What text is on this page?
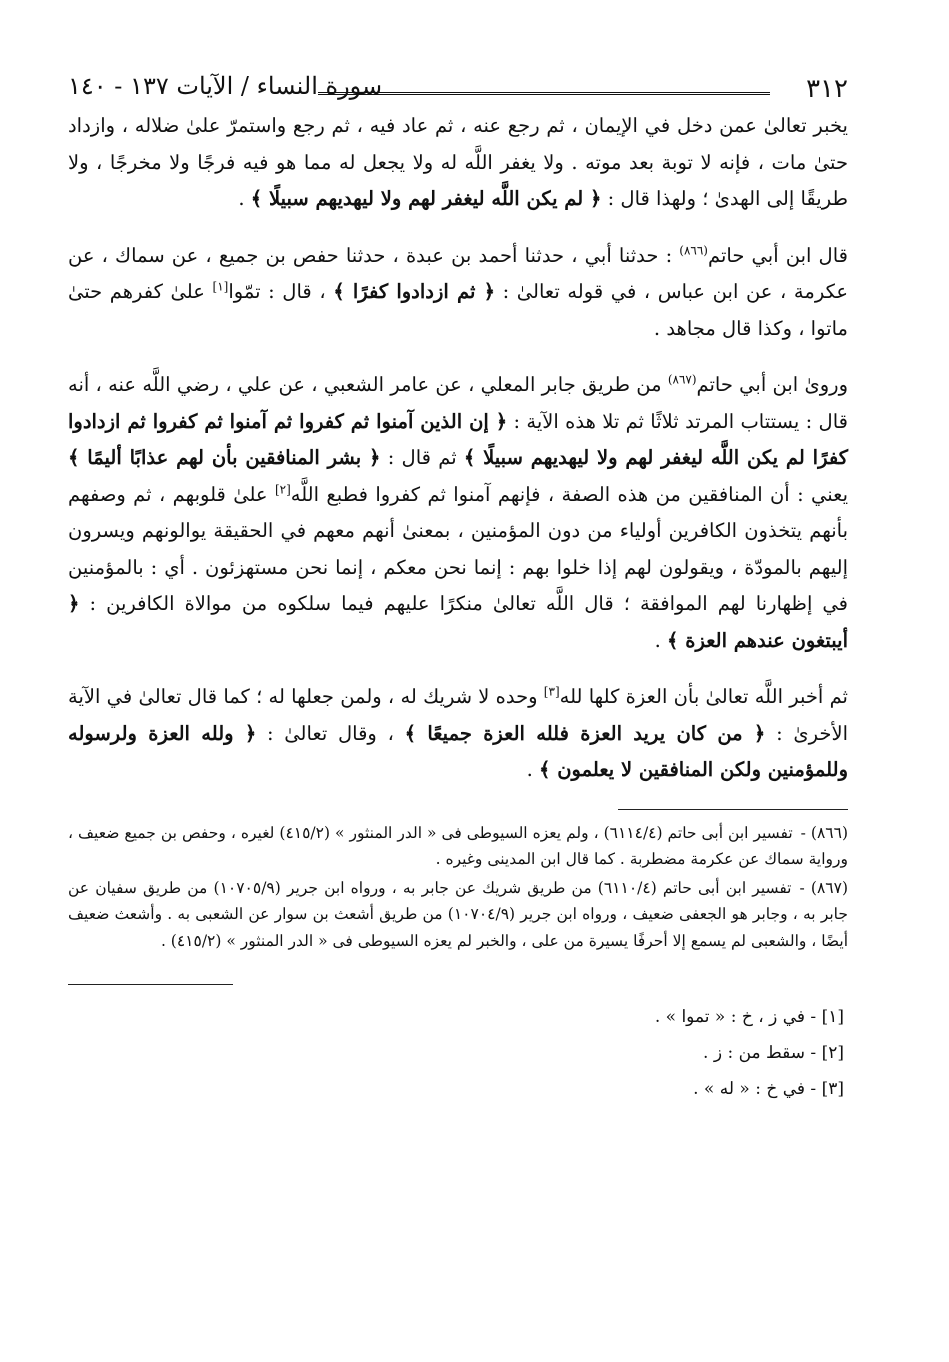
٣١٢
سورة النساء / الآيات ١٣٧ - ١٤٠

يخبر تعالىٰ عمن دخل في الإيمان ، ثم رجع عنه ، ثم عاد فيه ، ثم رجع واستمرّ علىٰ ضلاله ، وازداد حتىٰ مات ، فإنه لا توبة بعد موته . ولا يغفر اللَّه له ولا يجعل له مما هو فيه فرجًا ولا مخرجًا ، ولا طريقًا إلى الهدىٰ ؛ ولهذا قال : ﴿ لم يكن اللَّه ليغفر لهم ولا ليهديهم سبيلًا ﴾ .

قال ابن أبي حاتم$^{(٨٦٦)}$ : حدثنا أبي ، حدثنا أحمد بن عبدة ، حدثنا حفص بن جميع ، عن سماك ، عن عكرمة ، عن ابن عباس ، في قوله تعالىٰ : ﴿ ثم ازدادوا كفرًا ﴾ ، قال : تمّوا[١] علىٰ كفرهم حتىٰ ماتوا ، وكذا قال مجاهد .

وروىٰ ابن أبي حاتم$^{(٨٦٧)}$ من طريق جابر المعلي ، عن عامر الشعبي ، عن علي ، رضي اللَّه عنه ، أنه قال : يستتاب المرتد ثلاثًا ثم تلا هذه الآية : ﴿ إن الذين آمنوا ثم كفروا ثم آمنوا ثم كفروا ثم ازدادوا كفرًا لم يكن اللَّه ليغفر لهم ولا ليهديهم سبيلًا ﴾ ثم قال : ﴿ بشر المنافقين بأن لهم عذابًا أليمًا ﴾ يعني : أن المنافقين من هذه الصفة ، فإنهم آمنوا ثم كفروا فطبع اللَّه[٢] علىٰ قلوبهم ، ثم وصفهم بأنهم يتخذون الكافرين أولياء من دون المؤمنين ، بمعنىٰ أنهم معهم في الحقيقة يوالونهم ويسرون إليهم بالمودّة ، ويقولون لهم إذا خلوا بهم : إنما نحن معكم ، إنما نحن مستهزئون . أي : بالمؤمنين في إظهارنا لهم الموافقة ؛ قال اللَّه تعالىٰ منكرًا عليهم فيما سلكوه من موالاة الكافرين : ﴿ أيبتغون عندهم العزة ﴾ .

ثم أخبر اللَّه تعالىٰ بأن العزة كلها لله[٣] وحده لا شريك له ، ولمن جعلها له ؛ كما قال تعالىٰ في الآية الأخرىٰ : ﴿ من كان يريد العزة فلله العزة جميعًا ﴾ ، وقال تعالىٰ : ﴿ ولله العزة ولرسوله وللمؤمنين ولكن المنافقين لا يعلمون ﴾ .

(٨٦٦) -تفسير ابن أبى حاتم (٦١١٤/٤) ، ولم يعزه السيوطى فى « الدر المنثور » (٤١٥/٢) لغيره ، وحفص بن جميع ضعيف ، ورواية سماك عن عكرمة مضطربة . كما قال ابن المدينى وغيره .

(٨٦٧) -تفسير ابن أبى حاتم (٦١١٠/٤) من طريق شريك عن جابر به ، ورواه ابن جرير (١٠٧٠٥/٩) من طريق سفيان عن جابر به ، وجابر هو الجعفى ضعيف ، ورواه ابن جرير (١٠٧٠٤/٩) من طريق أشعث بن سوار عن الشعبى به . وأشعث ضعيف أيضًا ، والشعبى لم يسمع إلا أحرفًا يسيرة من على ، والخبر لم يعزه السيوطى فى « الدر المنثور » (٤١٥/٢) .

[١] - في ز ، خ : « تموا » .

[٢] - سقط من : ز .

[٣] - في خ : « له » .
